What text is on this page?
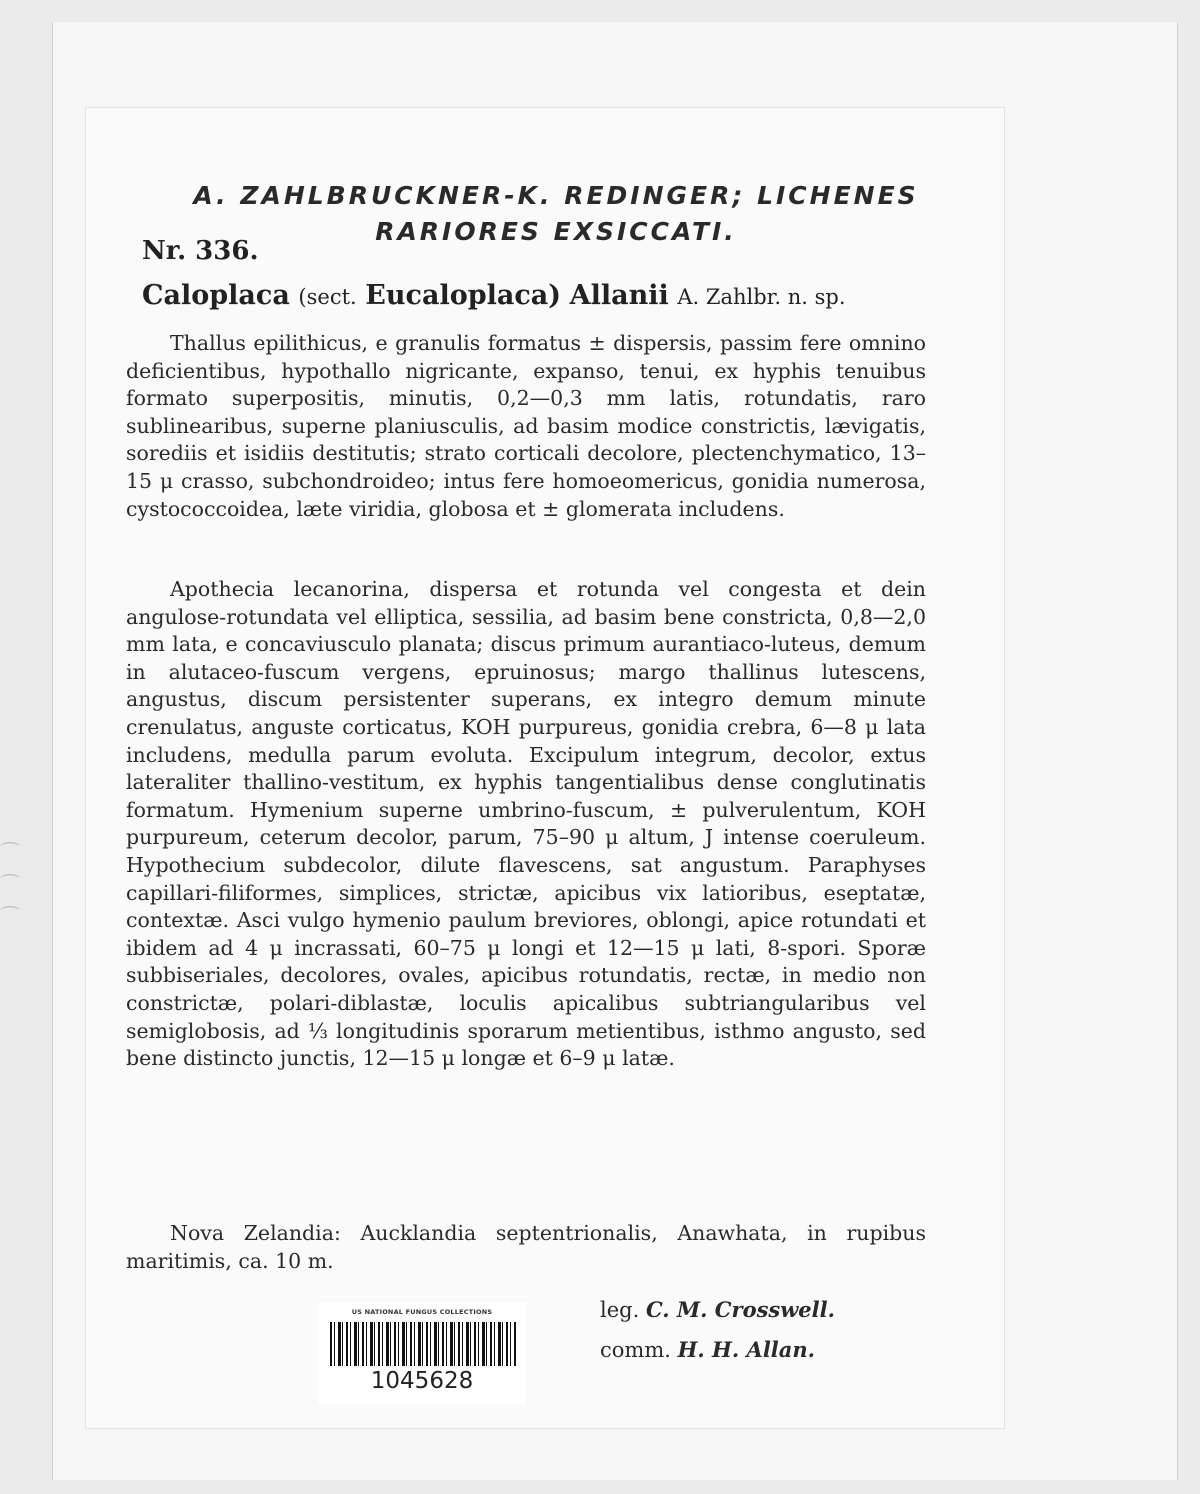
⌒
⌒
⌒
A. ZAHLBRUCKNER-K. REDINGER; LICHENES RARIORES EXSICCATI.
Nr. 336.
Caloplaca (sect. Eucaloplaca) Allanii A. Zahlbr. n. sp.

Thallus epilithicus, e granulis formatus ± dispersis, passim fere omnino deficientibus, hypothallo nigricante, expanso, tenui, ex hyphis tenuibus formato superpositis, minutis, 0,2—0,3 mm latis, rotundatis, raro sublinearibus, superne planiusculis, ad basim modice constrictis, lævigatis, sorediis et isidiis destitutis; strato corticali decolore, plectenchymatico, 13–15 μ crasso, subchondroideo; intus fere homoeomericus, gonidia numerosa, cystococcoidea, læte viridia, globosa et ± glomerata includens.

Apothecia lecanorina, dispersa et rotunda vel congesta et dein angulose-rotundata vel elliptica, sessilia, ad basim bene constricta, 0,8—2,0 mm lata, e concaviusculo planata; discus primum aurantiaco-luteus, demum in alutaceo-fuscum vergens, epruinosus; margo thallinus lutescens, angustus, discum persistenter superans, ex integro demum minute crenulatus, anguste corticatus, KOH purpureus, gonidia crebra, 6—8 μ lata includens, medulla parum evoluta. Excipulum integrum, decolor, extus lateraliter thallino-vestitum, ex hyphis tangentialibus dense conglutinatis formatum. Hymenium superne umbrino-fuscum, ± pulverulentum, KOH purpureum, ceterum decolor, parum, 75–90 μ altum, J intense coeruleum. Hypothecium subdecolor, dilute flavescens, sat angustum. Paraphyses capillari-filiformes, simplices, strictæ, apicibus vix latioribus, eseptatæ, contextæ. Asci vulgo hymenio paulum breviores, oblongi, apice rotundati et ibidem ad 4 μ incrassati, 60–75 μ longi et 12—15 μ lati, 8-spori. Sporæ subbiseriales, decolores, ovales, apicibus rotundatis, rectæ, in medio non constrictæ, polari-diblastæ, loculis apicalibus subtriangularibus vel semiglobosis, ad ⅓ longitudinis sporarum metientibus, isthmo angusto, sed bene distincto junctis, 12—15 μ longæ et 6–9 μ latæ.

Nova Zelandia: Aucklandia septentrionalis, Anawhata, in rupibus maritimis, ca. 10 m.

leg. C. M. Crosswell.
comm. H. H. Allan.
US NATIONAL FUNGUS COLLECTIONS
1045628
